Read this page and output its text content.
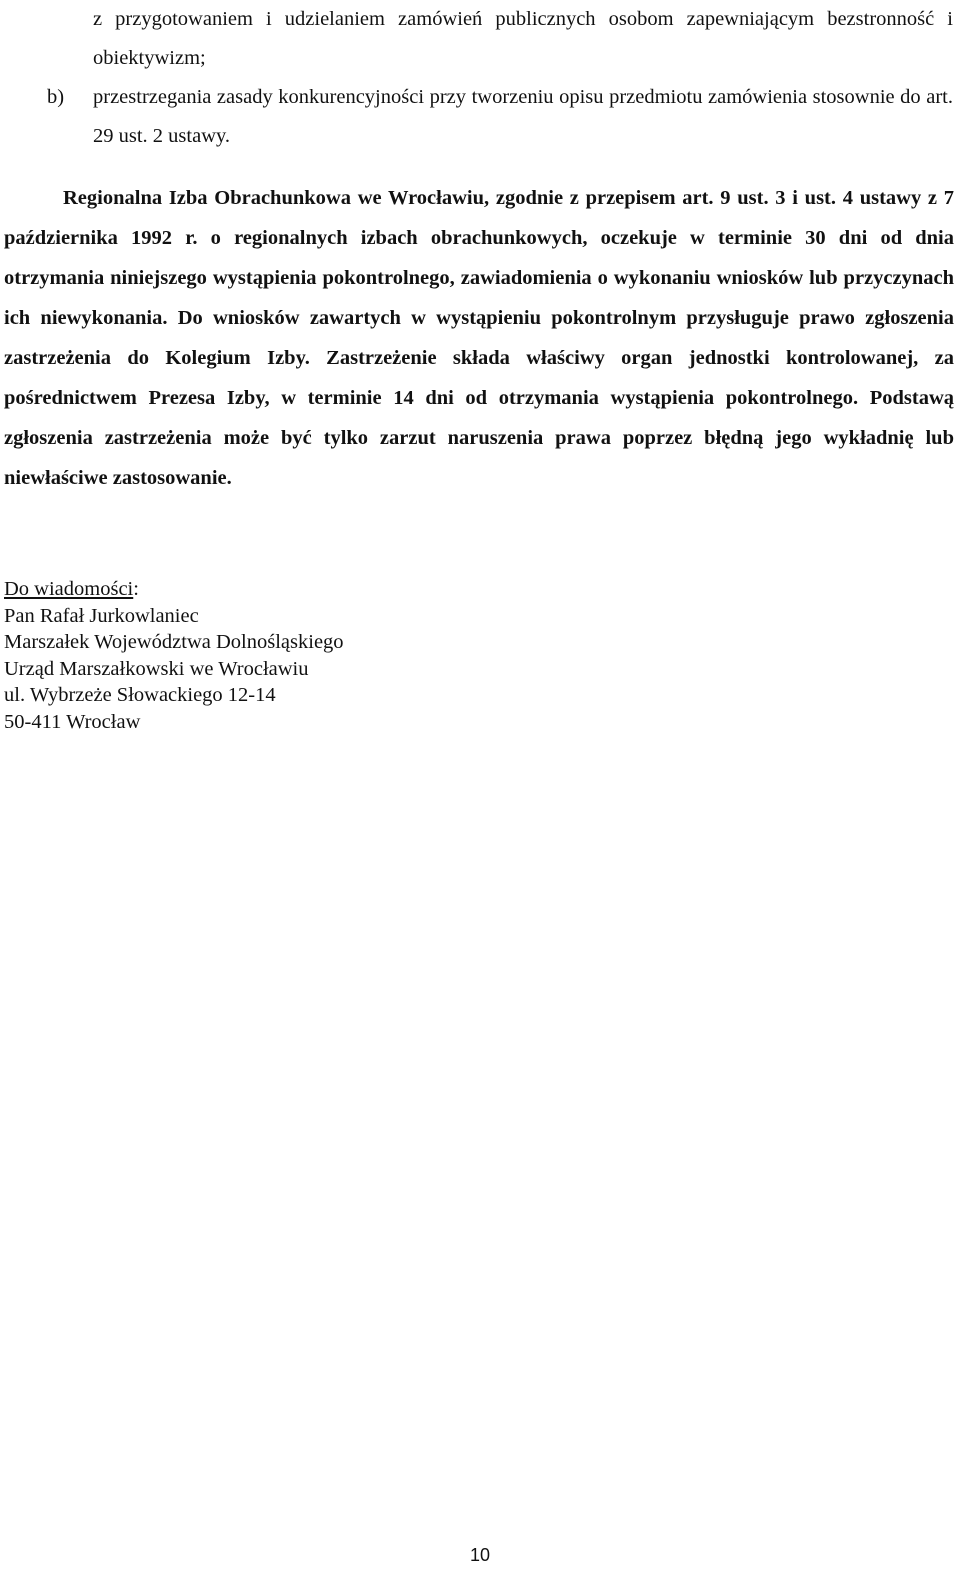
z przygotowaniem i udzielaniem zamówień publicznych osobom zapewniającym bezstronność i obiektywizm;

b) przestrzegania zasady konkurencyjności przy tworzeniu opisu przedmiotu zamówienia stosownie do art. 29 ust. 2 ustawy.

Regionalna Izba Obrachunkowa we Wrocławiu, zgodnie z przepisem art. 9 ust. 3 i ust. 4 ustawy z 7 października 1992 r. o regionalnych izbach obrachunkowych, oczekuje w terminie 30 dni od dnia otrzymania niniejszego wystąpienia pokontrolnego, zawiadomienia o wykonaniu wniosków lub przyczynach ich niewykonania. Do wniosków zawartych w wystąpieniu pokontrolnym przysługuje prawo zgłoszenia zastrzeżenia do Kolegium Izby. Zastrzeżenie składa właściwy organ jednostki kontrolowanej, za pośrednictwem Prezesa Izby, w terminie 14 dni od otrzymania wystąpienia pokontrolnego. Podstawą zgłoszenia zastrzeżenia może być tylko zarzut naruszenia prawa poprzez błędną jego wykładnię lub niewłaściwe zastosowanie.

Do wiadomości:
Pan Rafał Jurkowlaniec
Marszałek Województwa Dolnośląskiego
Urząd Marszałkowski we Wrocławiu
ul. Wybrzeże Słowackiego 12-14
50-411 Wrocław
10
